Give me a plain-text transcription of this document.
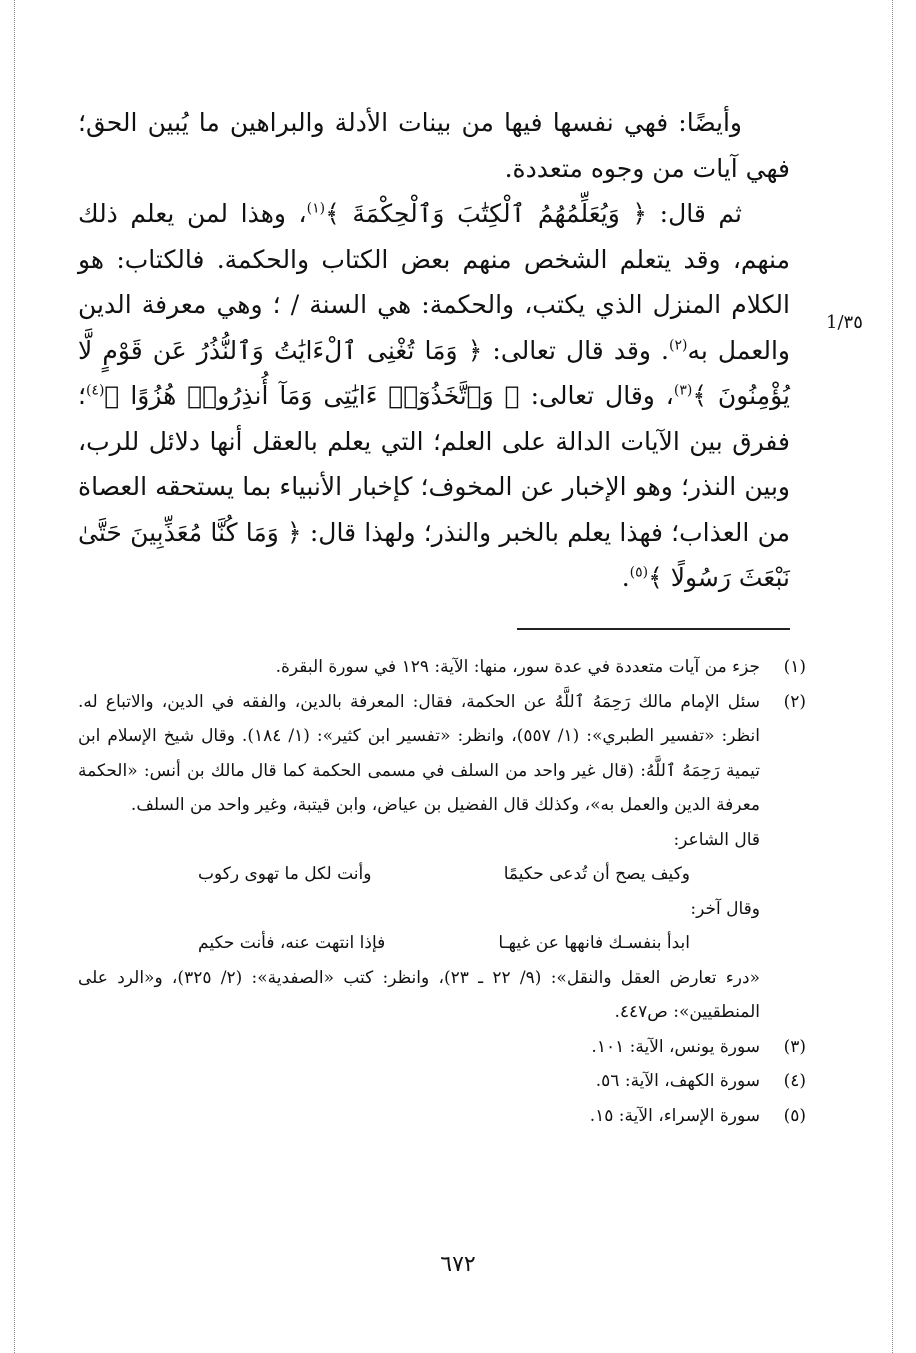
وأيضًا: فهي نفسها فيها من بينات الأدلة والبراهين ما يُبين الحق؛ فهي آيات من وجوه متعددة.

ثم قال: ﴿ وَيُعَلِّمُهُمُ ٱلْكِتَٰبَ وَٱلْحِكْمَةَ ﴾$^{(١)}$، وهذا لمن يعلم ذلك منهم، وقد يتعلم الشخص منهم بعض الكتاب والحكمة. فالكتاب: هو الكلام المنزل الذي يكتب، والحكمة: هي السنة / ؛ وهي معرفة الدين والعمل به$^{(٢)}$. وقد قال تعالى: ﴿ وَمَا تُغْنِى ٱلْءَايَٰتُ وَٱلنُّذُرُ عَن قَوْمٍ لَّا يُؤْمِنُونَ ﴾$^{(٣)}$، وقال تعالى: ﴿ وَٱتَّخَذُوٓا۟ ءَايَٰتِى وَمَآ أُنذِرُوا۟ هُزُوًا ﴾$^{(٤)}$؛ ففرق بين الآيات الدالة على العلم؛ التي يعلم بالعقل أنها دلائل للرب، وبين النذر؛ وهو الإخبار عن المخوف؛ كإخبار الأنبياء بما يستحقه العصاة من العذاب؛ فهذا يعلم بالخبر والنذر؛ ولهذا قال: ﴿ وَمَا كُنَّا مُعَذِّبِينَ حَتَّىٰ نَبْعَثَ رَسُولًا ﴾$^{(٥)}$.

1/٣٥
(١)

جزء من آيات متعددة في عدة سور، منها: الآية: ١٢٩ في سورة البقرة.

(٢)

سئل الإمام مالك رَحِمَهُ ٱللَّهُ عن الحكمة، فقال: المعرفة بالدين، والفقه في الدين، والاتباع له. انظر: «تفسير الطبري»: (١/ ٥٥٧)، وانظر: «تفسير ابن كثير»: (١/ ١٨٤). وقال شيخ الإسلام ابن تيمية رَحِمَهُ ٱللَّهُ: (قال غير واحد من السلف في مسمى الحكمة كما قال مالك بن أنس: «الحكمة معرفة الدين والعمل به»، وكذلك قال الفضيل بن عياض، وابن قيتبة، وغير واحد من السلف.

قال الشاعر:

وكيف يصح أن تُدعى حكيمًا
وأنت لكل ما تهوى ركوب

وقال آخر:

ابدأ بنفسـك فانهها عن غيهـا
فإذا انتهت عنه، فأنت حكيم

«درء تعارض العقل والنقل»: (٩/ ٢٢ ـ ٢٣)، وانظر: كتب «الصفدية»: (٢/ ٣٢٥)، و«الرد على المنطقيين»: ص٤٤٧.

(٣)

سورة يونس، الآية: ١٠١.

(٤)

سورة الكهف، الآية: ٥٦.

(٥)

سورة الإسراء، الآية: ١٥.

٦٧٢
